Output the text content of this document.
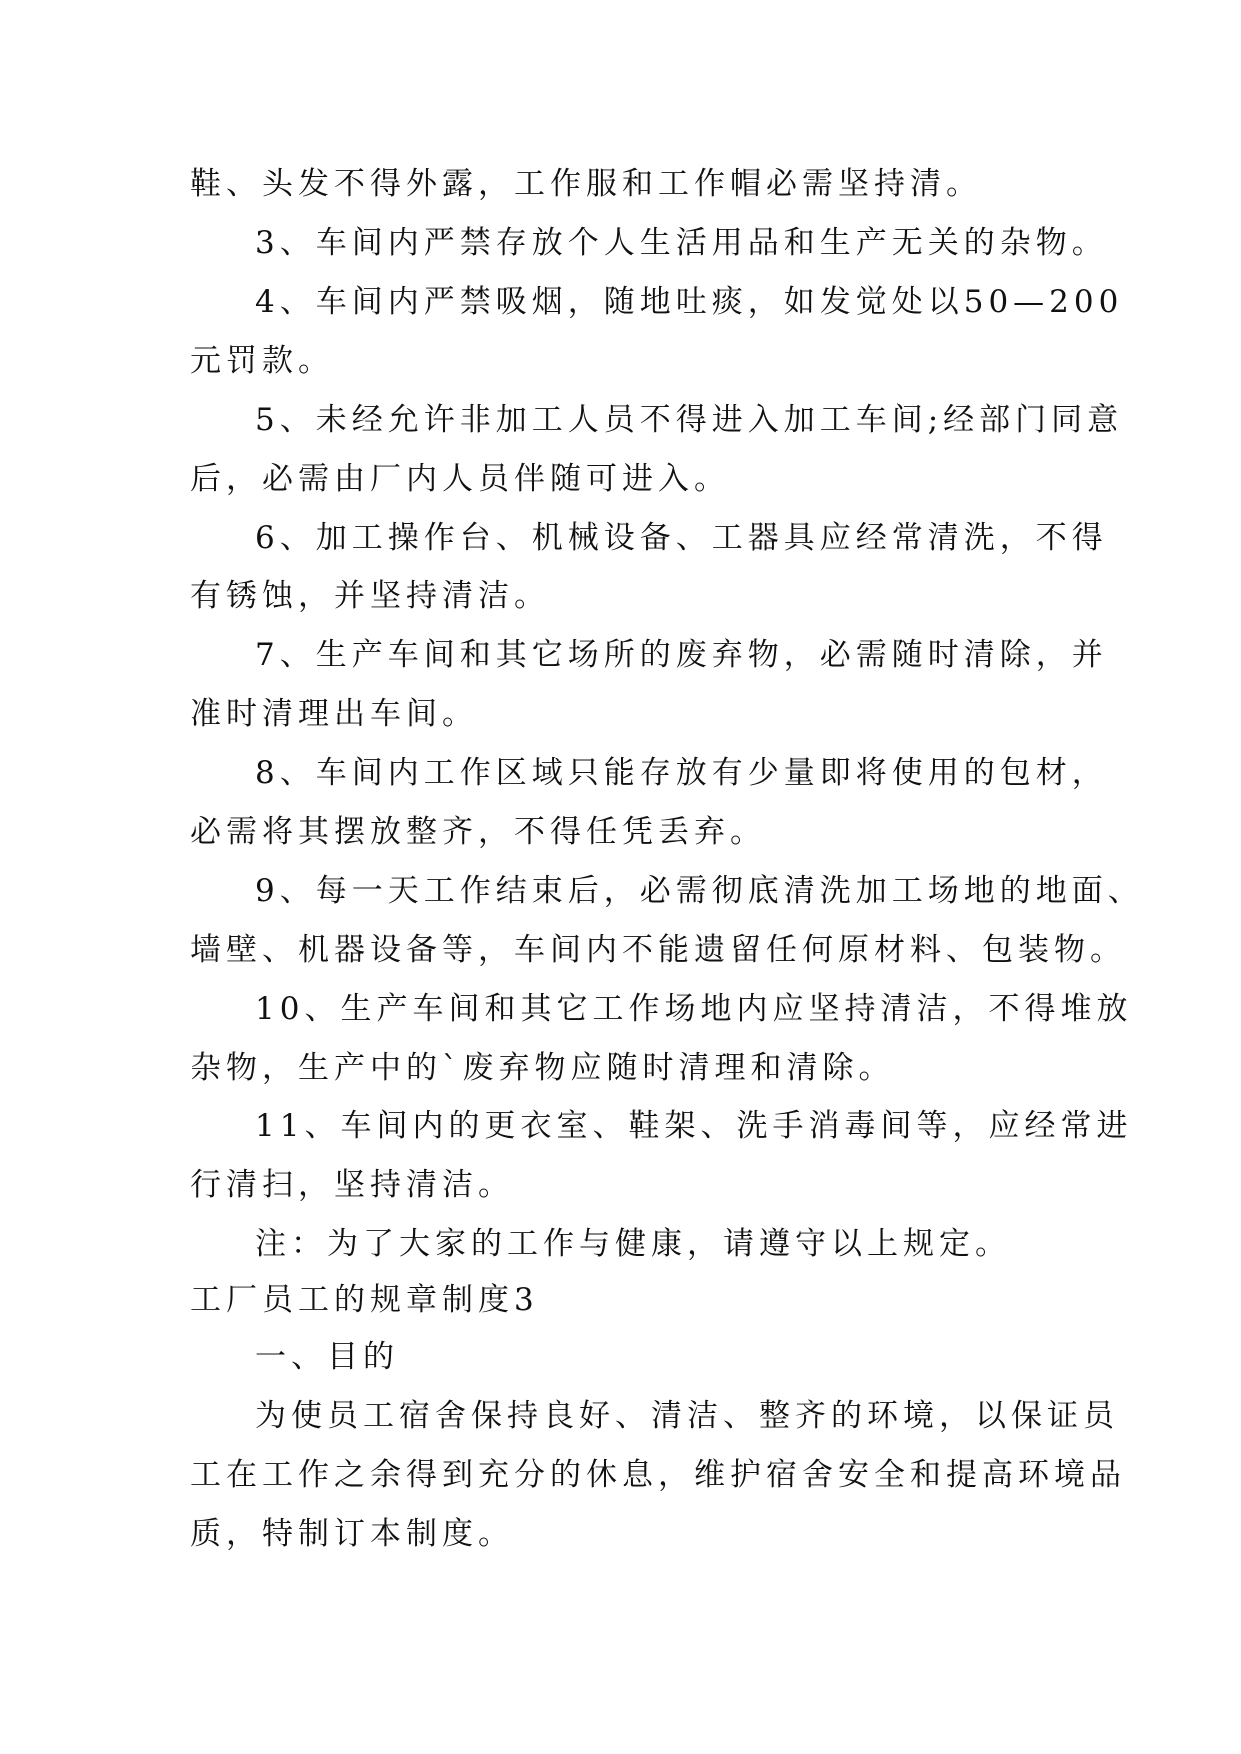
鞋、头发不得外露，工作服和工作帽必需坚持清。

3、车间内严禁存放个人生活用品和生产无关的杂物。

4、车间内严禁吸烟，随地吐痰，如发觉处以50—200

元罚款。

5、未经允许非加工人员不得进入加工车间;经部门同意

后，必需由厂内人员伴随可进入。

6、加工操作台、机械设备、工器具应经常清洗，不得

有锈蚀，并坚持清洁。

7、生产车间和其它场所的废弃物，必需随时清除，并

准时清理出车间。

8、车间内工作区域只能存放有少量即将使用的包材，

必需将其摆放整齐，不得任凭丢弃。

9、每一天工作结束后，必需彻底清洗加工场地的地面、

墙壁、机器设备等，车间内不能遗留任何原材料、包装物。

10、生产车间和其它工作场地内应坚持清洁，不得堆放

杂物，生产中的`废弃物应随时清理和清除。

11、车间内的更衣室、鞋架、洗手消毒间等，应经常进

行清扫，坚持清洁。

注：为了大家的工作与健康，请遵守以上规定。

工厂员工的规章制度3

一、目的

为使员工宿舍保持良好、清洁、整齐的环境，以保证员

工在工作之余得到充分的休息，维护宿舍安全和提高环境品

质，特制订本制度。
